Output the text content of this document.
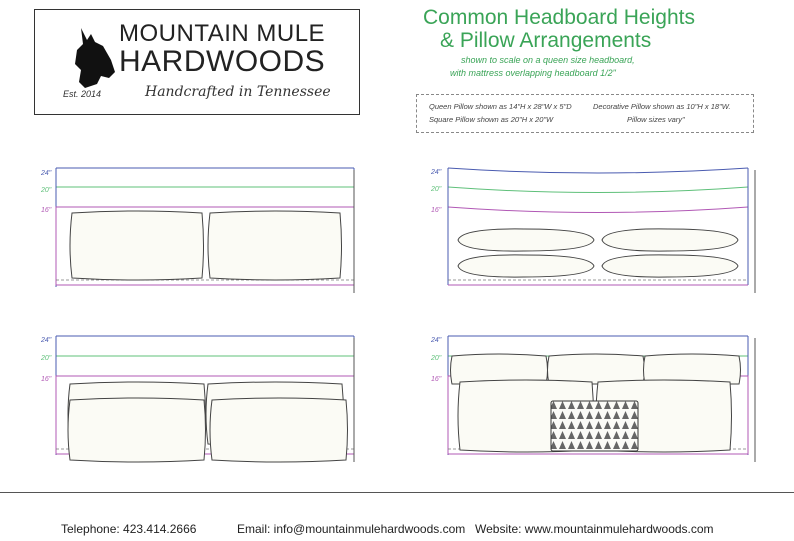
MOUNTAIN MULE
HARDWOODS
Est. 2014	Handcrafted in Tennessee
Common Headboard Heights
& Pillow Arrangements
shown to scale on a queen size headboard,
with mattress overlapping headboard 1/2"
Queen Pillow shown as 14"H x 28"W x 5"D
Square Pillow shown as 20"H x 20"W
Decorative Pillow shown as 10"H x 18"W.
Pillow sizes vary"
24"
20"
16"
24"
20"
16"
24"
20"
16"
24"
20"
16"
Telephone: 423.414.2666	Email: info@mountainmulehardwoods.com Website: www.mountainmulehardwoods.com
